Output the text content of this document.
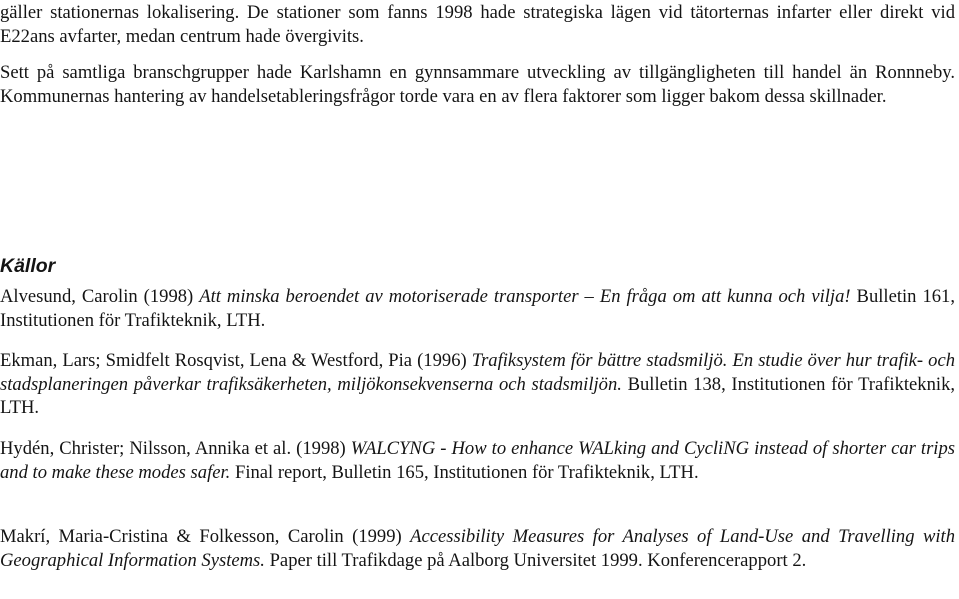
gäller stationernas lokalisering. De stationer som fanns 1998 hade strategiska lägen vid tätorternas infarter eller direkt vid E22ans avfarter, medan centrum hade övergivits.

Sett på samtliga branschgrupper hade Karlshamn en gynnsammare utveckling av tillgängligheten till handel än Ronnneby. Kommunernas hantering av handelsetableringsfrågor torde vara en av flera faktorer som ligger bakom dessa skillnader.

Källor

Alvesund, Carolin (1998) Att minska beroendet av motoriserade transporter – En fråga om att kunna och vilja! Bulletin 161, Institutionen för Trafikteknik, LTH.

Ekman, Lars; Smidfelt Rosqvist, Lena & Westford, Pia (1996) Trafiksystem för bättre stadsmiljö. En studie över hur trafik- och stadsplaneringen påverkar trafiksäkerheten, miljökonsekvenserna och stadsmiljön. Bulletin 138, Institutionen för Trafikteknik, LTH.

Hydén, Christer; Nilsson, Annika et al. (1998) WALCYNG - How to enhance WALking and CycliNG instead of shorter car trips and to make these modes safer. Final report, Bulletin 165, Institutionen för Trafikteknik, LTH.

Makrí, Maria-Cristina & Folkesson, Carolin (1999) Accessibility Measures for Analyses of Land-Use and Travelling with Geographical Information Systems. Paper till Trafikdage på Aalborg Universitet 1999. Konferencerapport 2.
